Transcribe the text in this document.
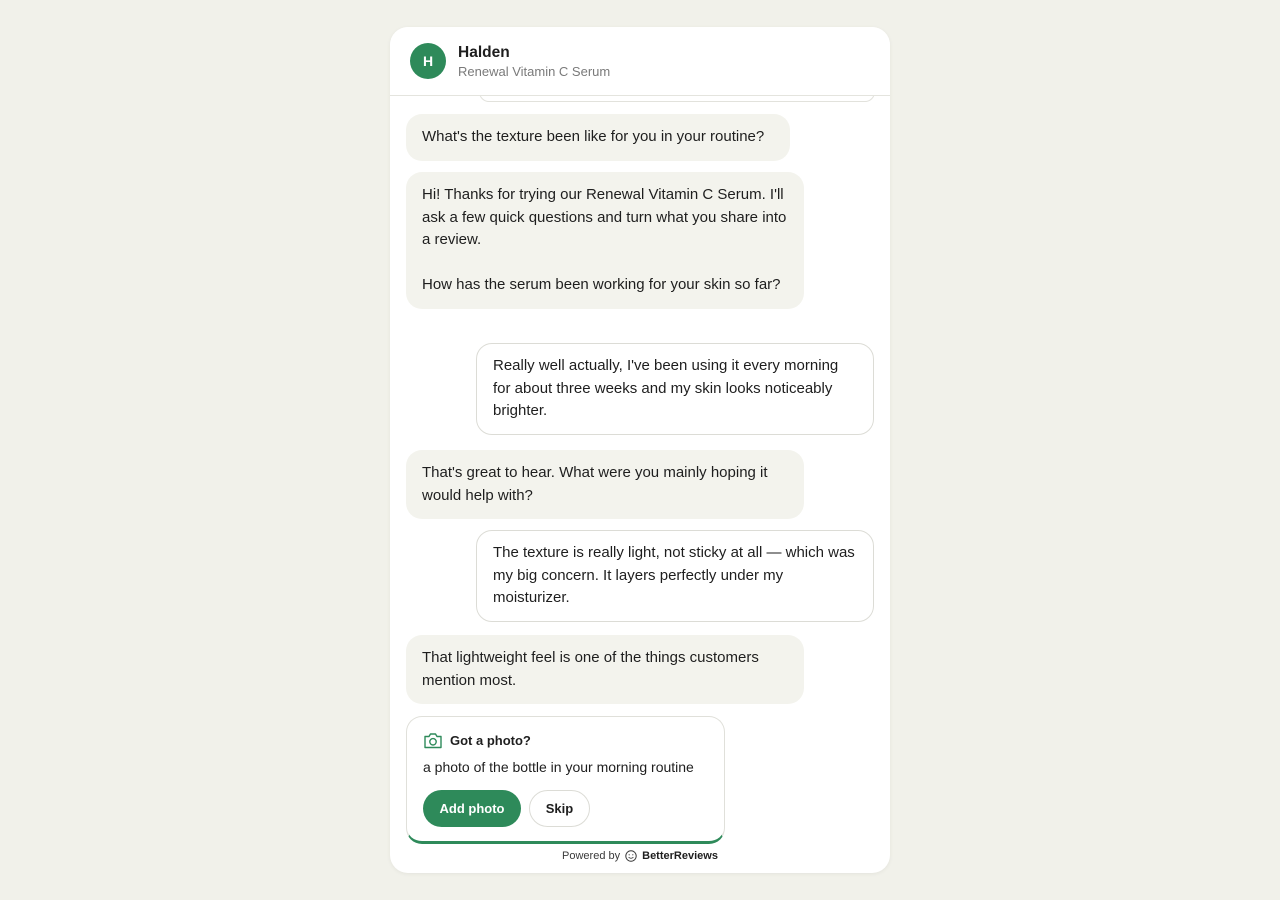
H	Halden
Renewal Vitamin C Serum
What's the texture been like for you in your routine?
Hi! Thanks for trying our Renewal Vitamin C Serum. I'll ask a few quick questions and turn what you share into a review.

How has the serum been working for your skin so far?
Really well actually, I've been using it every morning for about three weeks and my skin looks noticeably brighter.
That's great to hear. What were you mainly hoping it would help with?
The texture is really light, not sticky at all — which was my big concern. It layers perfectly under my moisturizer.
That lightweight feel is one of the things customers mention most.
Got a photo?
a photo of the bottle in your morning routine
Add photo	Skip
Powered by BetterReviews
